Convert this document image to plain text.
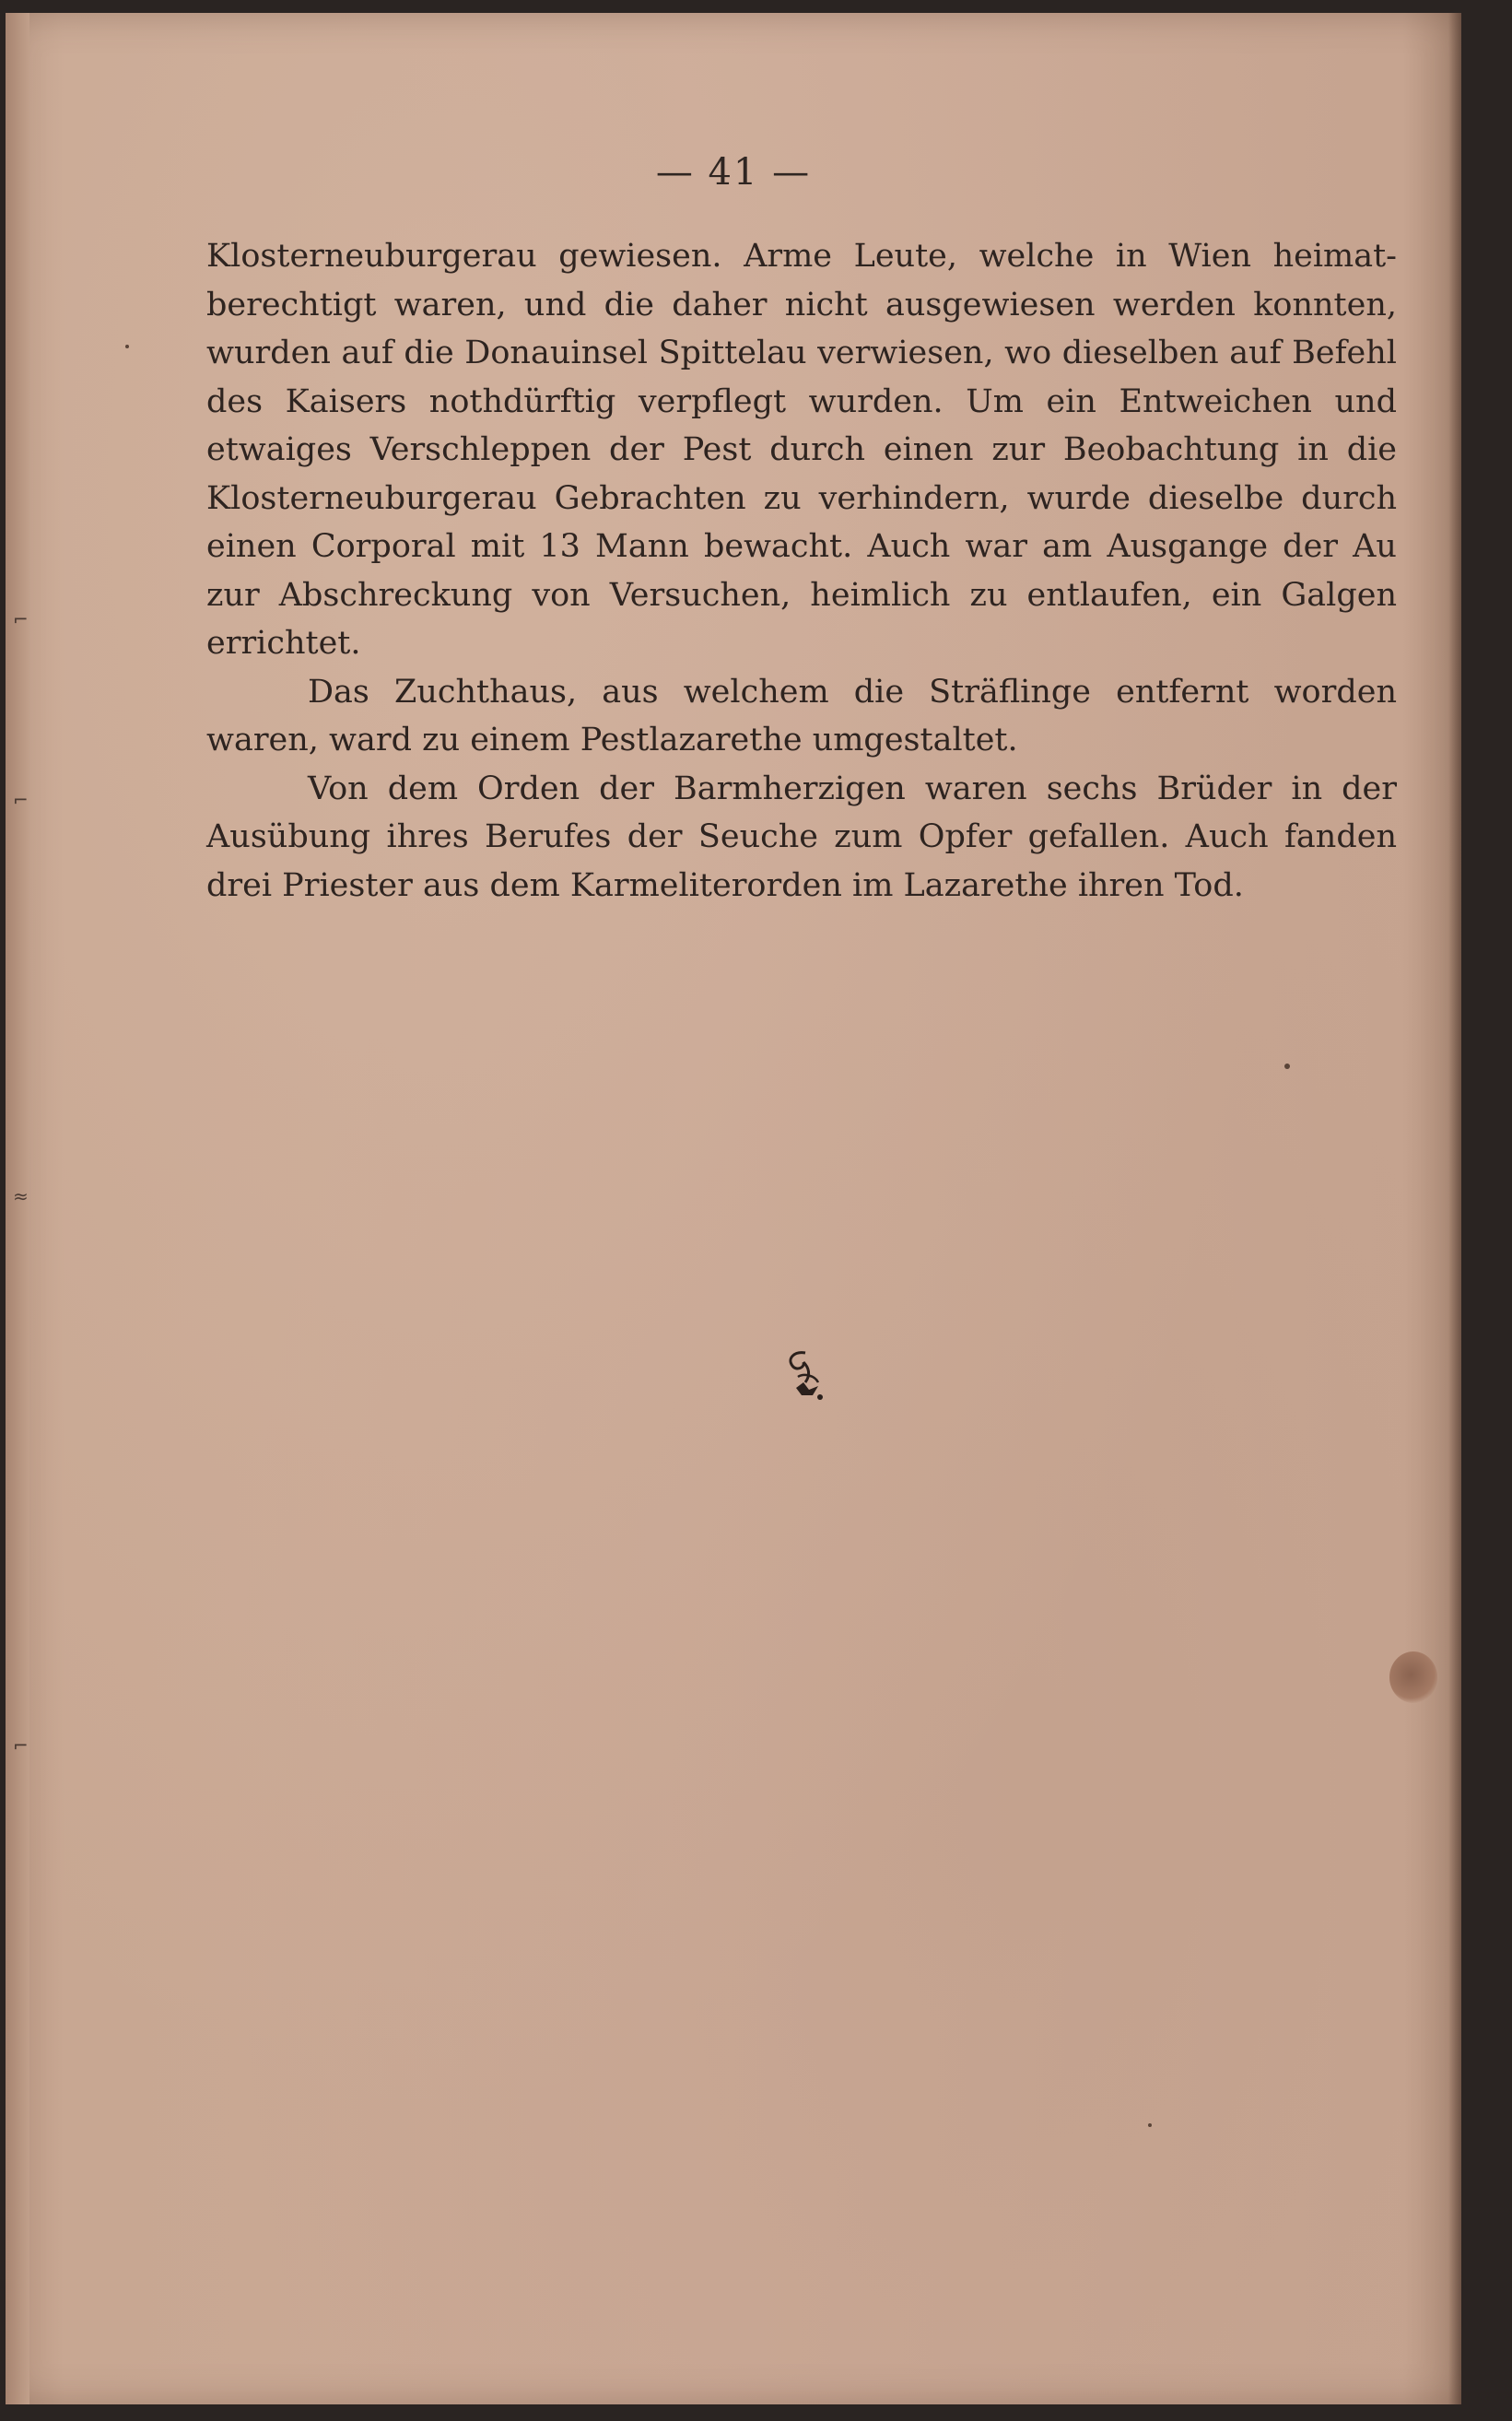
— 41 —

Klosterneuburgerau gewiesen. Arme Leute, welche in Wien heimat- berechtigt waren, und die daher nicht ausgewiesen werden konnten, wurden auf die Donauinsel Spittelau verwiesen, wo dieselben auf Befehl des Kaisers nothdürftig verpflegt wurden. Um ein Entweichen und etwaiges Verschleppen der Pest durch einen zur Beobachtung in die Klosterneuburgerau Gebrachten zu verhindern, wurde dieselbe durch einen Corporal mit 13 Mann bewacht. Auch war am Ausgange der Au zur Abschreckung von Versuchen, heimlich zu entlaufen, ein Galgen errichtet.

Das Zuchthaus, aus welchem die Sträflinge entfernt worden waren, ward zu einem Pestlazarethe umgestaltet.

Von dem Orden der Barmherzigen waren sechs Brüder in der Ausübung ihres Berufes der Seuche zum Opfer gefallen. Auch fanden drei Priester aus dem Karmeliterorden im Lazarethe ihren Tod.

⌐
⌐
≈
⌐
